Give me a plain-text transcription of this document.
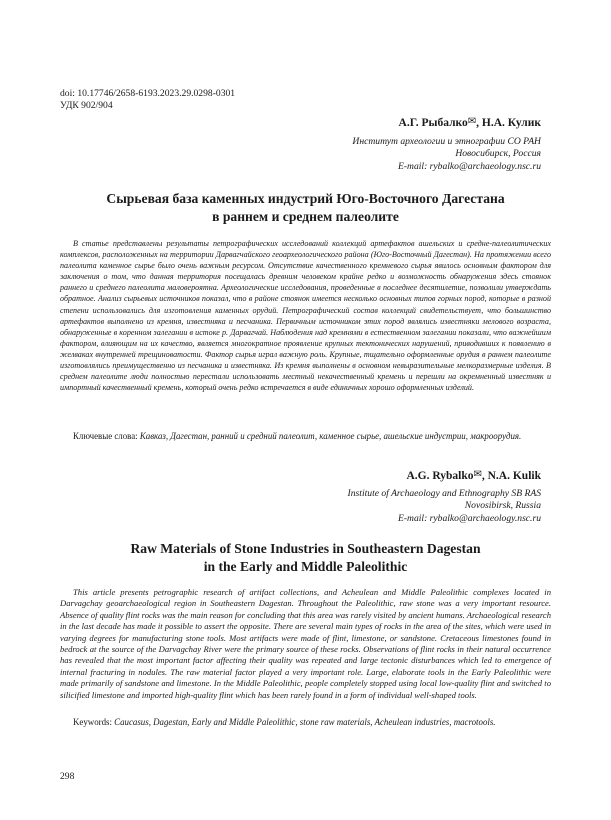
doi: 10.17746/2658-6193.2023.29.0298-0301
УДК 902/904
А.Г. Рыбалко✉, Н.А. Кулик
Институт археологии и этнографии СО РАН
Новосибирск, Россия
E-mail: rybalko@archaeology.nsc.ru
Сырьевая база каменных индустрий Юго-Восточного Дагестана
в раннем и среднем палеолите
В статье представлены результаты петрографических исследований коллекций артефактов ашельских и средне-палеолитических комплексов, расположенных на территории Дарвагчайского геоархеологического района (Юго-Восточный Дагестан). На протяжении всего палеолита каменное сырье было очень важным ресурсом. Отсутствие качественного кремневого сырья явилось основным фактором для заключения о том, что данная территория посещалась древним человеком крайне редко и возможность обнаружения здесь стоянок раннего и среднего палеолита маловероятна. Археологические исследования, проведенные в последнее десятилетие, позволили утверждать обратное. Анализ сырьевых источников показал, что в районе стоянок имеется несколько основных типов горных пород, которые в разной степени использовались для изготовления каменных орудий. Петрографический состав коллекций свидетельствует, что большинство артефактов выполнено из кремня, известняка и песчаника. Первичным источником этих пород являлись известняки мелового возраста, обнаруженные в коренном залегании в истоке р. Дарвагчай. Наблюдения над кремнями в естественном залегании показали, что важнейшим фактором, влияющим на их качество, является многократное проявление крупных тектонических нарушений, приводивших к появлению в желваках внутренней трещиноватости. Фактор сырья играл важную роль. Крупные, тщательно оформленные орудия в раннем палеолите изготовлялись преимущественно из песчаника и известняка. Из кремня выполнены в основном невыразительные мелкоразмерные изделия. В среднем палеолите люди полностью перестали использовать местный некачественный кремень и перешли на окремненный известняк и импортный качественный кремень, который очень редко встречается в виде единичных хорошо оформленных изделий.
Ключевые слова: Кавказ, Дагестан, ранний и средний палеолит, каменное сырье, ашельские индустрии, макроорудия.
A.G. Rybalko✉, N.A. Kulik
Institute of Archaeology and Ethnography SB RAS
Novosibirsk, Russia
E-mail: rybalko@archaeology.nsc.ru
Raw Materials of Stone Industries in Southeastern Dagestan
in the Early and Middle Paleolithic
This article presents petrographic research of artifact collections, and Acheulean and Middle Paleolithic complexes located in Darvagchay geoarchaeological region in Southeastern Dagestan. Throughout the Paleolithic, raw stone was a very important resource. Absence of quality flint rocks was the main reason for concluding that this area was rarely visited by ancient humans. Archaeological research in the last decade has made it possible to assert the opposite. There are several main types of rocks in the area of the sites, which were used in varying degrees for manufacturing stone tools. Most artifacts were made of flint, limestone, or sandstone. Cretaceous limestones found in bedrock at the source of the Darvagchay River were the primary source of these rocks. Observations of flint rocks in their natural occurrence has revealed that the most important factor affecting their quality was repeated and large tectonic disturbances which led to emergence of internal fracturing in nodules. The raw material factor played a very important role. Large, elaborate tools in the Early Paleolithic were made primarily of sandstone and limestone. In the Middle Paleolithic, people completely stopped using local low-quality flint and switched to silicified limestone and imported high-quality flint which has been rarely found in a form of individual well-shaped tools.
Keywords: Caucasus, Dagestan, Early and Middle Paleolithic, stone raw materials, Acheulean industries, macrotools.
298
